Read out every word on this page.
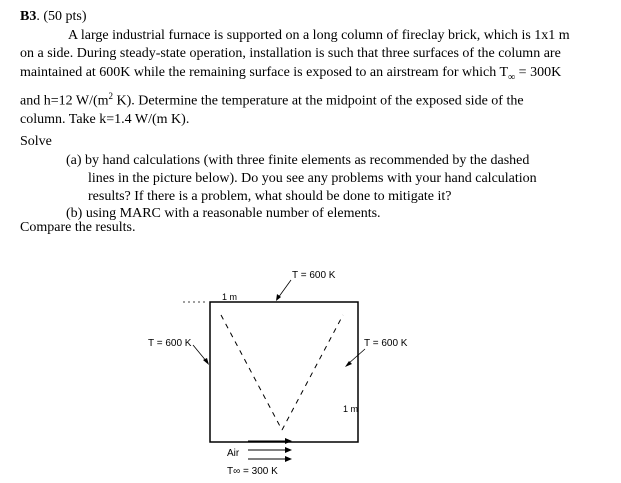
B3. (50 pts)

A large industrial furnace is supported on a long column of fireclay brick, which is 1x1 m

on a side. During steady-state operation, installation is such that three surfaces of the column are

maintained at 600K while the remaining surface is exposed to an airstream for which $T_\infty = 300K$

and h=12 $W/(m^2$ K). Determine the temperature at the midpoint of the exposed side of the

column. Take k=1.4 W/(m K).

Solve
(a) by hand calculations (with three finite elements as recommended by the dashed
lines in the picture below). Do you see any problems with your hand calculation
results? If there is a problem, what should be done to mitigate it?
(b) using MARC with a reasonable number of elements.
Compare the results.
T = 600 K
1 m
T = 600 K	T = 600 K
1 m
Air
T∞ = 300 K
